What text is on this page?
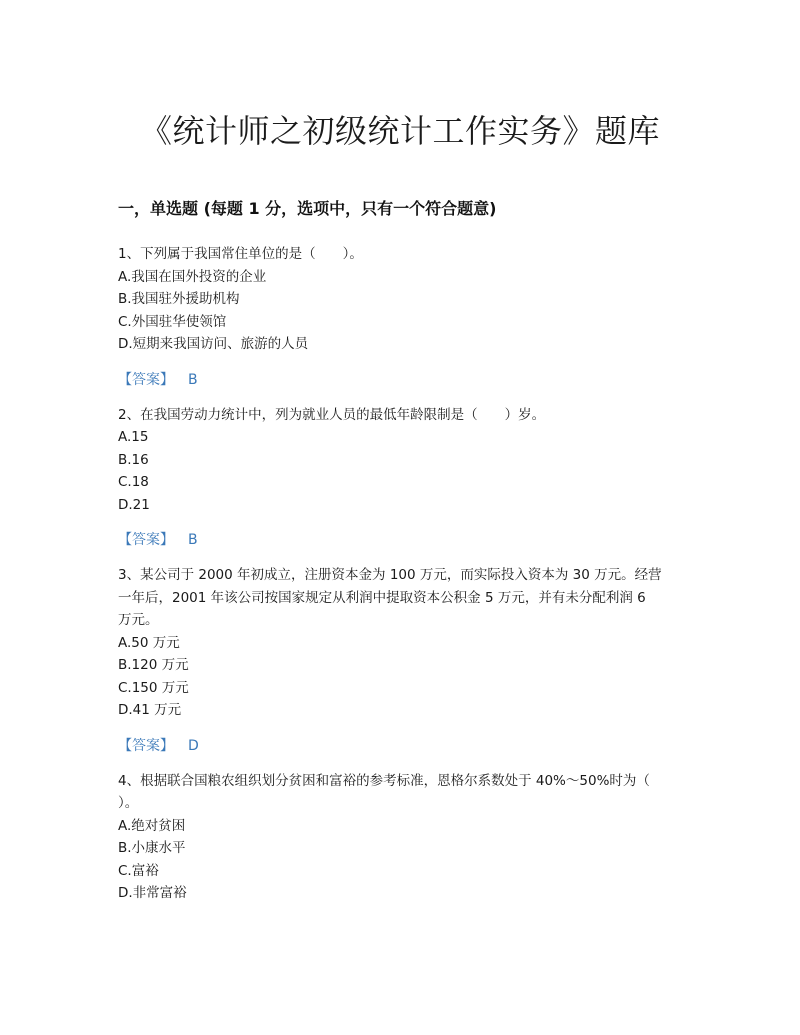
《统计师之初级统计工作实务》题库
一，单选题 (每题 1 分，选项中，只有一个符合题意)
1、下列属于我国常住单位的是（　　）。
A.我国在国外投资的企业
B.我国驻外援助机构
C.外国驻华使领馆
D.短期来我国访问、旅游的人员
【答案】 B
2、在我国劳动力统计中，列为就业人员的最低年龄限制是（　　）岁。
A.15
B.16
C.18
D.21
【答案】 B
3、某公司于 2000 年初成立，注册资本金为 100 万元，而实际投入资本为 30 万元。经营
一年后，2001 年该公司按国家规定从利润中提取资本公积金 5 万元，并有未分配利润 6
万元。
A.50 万元
B.120 万元
C.150 万元
D.41 万元
【答案】 D
4、根据联合国粮农组织划分贫困和富裕的参考标准，恩格尔系数处于 40%～50%时为（
）。
A.绝对贫困
B.小康水平
C.富裕
D.非常富裕
